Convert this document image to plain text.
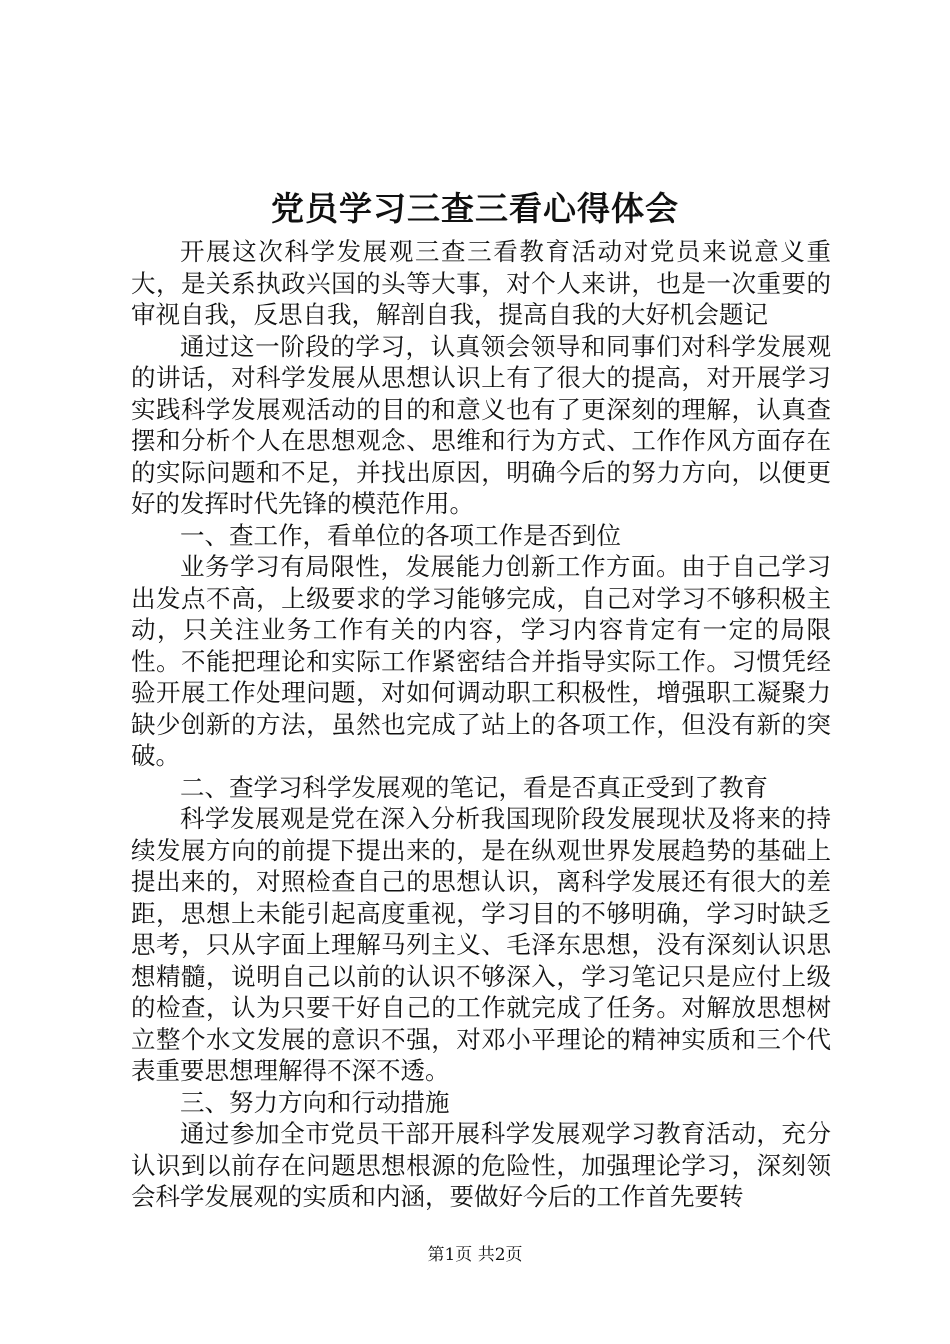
党员学习三查三看心得体会

开展这次科学发展观三查三看教育活动对党员来说意义重大，是关系执政兴国的头等大事，对个人来讲，也是一次重要的审视自我，反思自我，解剖自我，提高自我的大好机会题记

通过这一阶段的学习，认真领会领导和同事们对科学发展观的讲话，对科学发展从思想认识上有了很大的提高，对开展学习实践科学发展观活动的目的和意义也有了更深刻的理解，认真查摆和分析个人在思想观念、思维和行为方式、工作作风方面存在的实际问题和不足，并找出原因，明确今后的努力方向，以便更好的发挥时代先锋的模范作用。

一、查工作，看单位的各项工作是否到位

业务学习有局限性，发展能力创新工作方面。由于自己学习出发点不高，上级要求的学习能够完成，自己对学习不够积极主动，只关注业务工作有关的内容，学习内容肯定有一定的局限性。不能把理论和实际工作紧密结合并指导实际工作。习惯凭经验开展工作处理问题，对如何调动职工积极性，增强职工凝聚力缺少创新的方法，虽然也完成了站上的各项工作，但没有新的突破。

二、查学习科学发展观的笔记，看是否真正受到了教育

科学发展观是党在深入分析我国现阶段发展现状及将来的持续发展方向的前提下提出来的，是在纵观世界发展趋势的基础上提出来的，对照检查自己的思想认识，离科学发展还有很大的差距，思想上未能引起高度重视，学习目的不够明确，学习时缺乏思考，只从字面上理解马列主义、毛泽东思想，没有深刻认识思想精髓，说明自己以前的认识不够深入，学习笔记只是应付上级的检查，认为只要干好自己的工作就完成了任务。对解放思想树立整个水文发展的意识不强，对邓小平理论的精神实质和三个代表重要思想理解得不深不透。

三、努力方向和行动措施

通过参加全市党员干部开展科学发展观学习教育活动，充分认识到以前存在问题思想根源的危险性，加强理论学习，深刻领会科学发展观的实质和内涵，要做好今后的工作首先要转

第1页 共2页
